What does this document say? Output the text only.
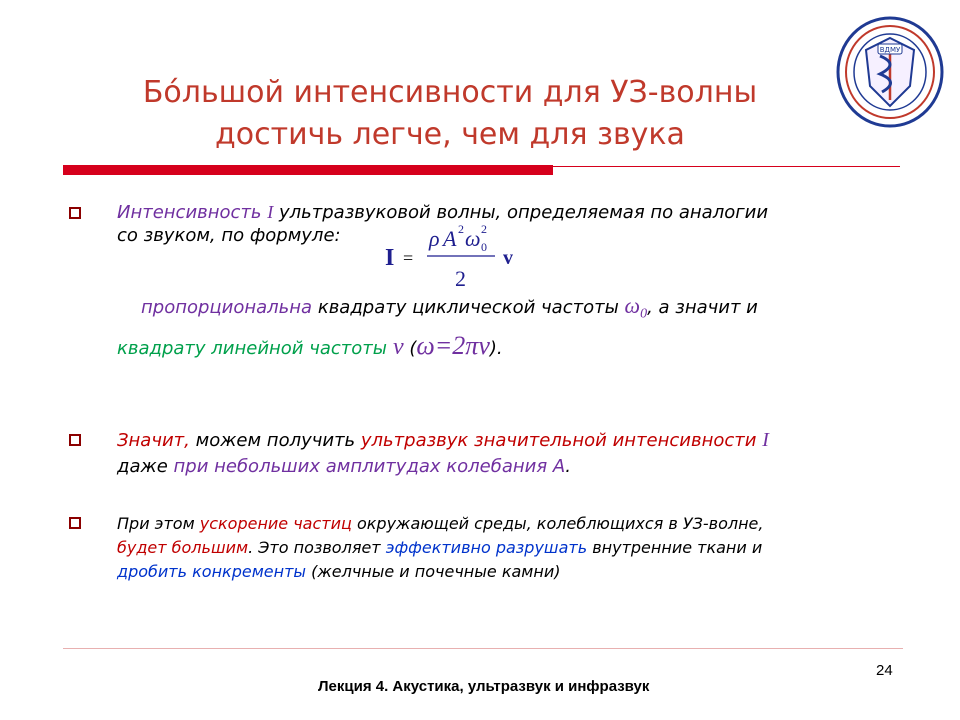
Бóльшой интенсивности для УЗ-волны
достичь легче, чем для звука
ВДМУ
Интенсивность I ультразвуковой волны, определяемая по аналогии
со звуком, по формуле:
I =
ρ A 2 ω 0
2
2
v
пропорциональна квадрату циклической частоты $\omega_0$, а значит и
квадрату линейной частоты v (ω=2πv).
Значит, можем получить ультразвук значительной интенсивности I
даже при небольших амплитудах колебания А.
При этом ускорение частиц окружающей среды, колеблющихся в УЗ-волне,
будет большим. Это позволяет эффективно разрушать внутренние ткани и
дробить конкременты (желчные и почечные камни)
24
Лекция 4. Акустика, ультразвук и инфразвук
